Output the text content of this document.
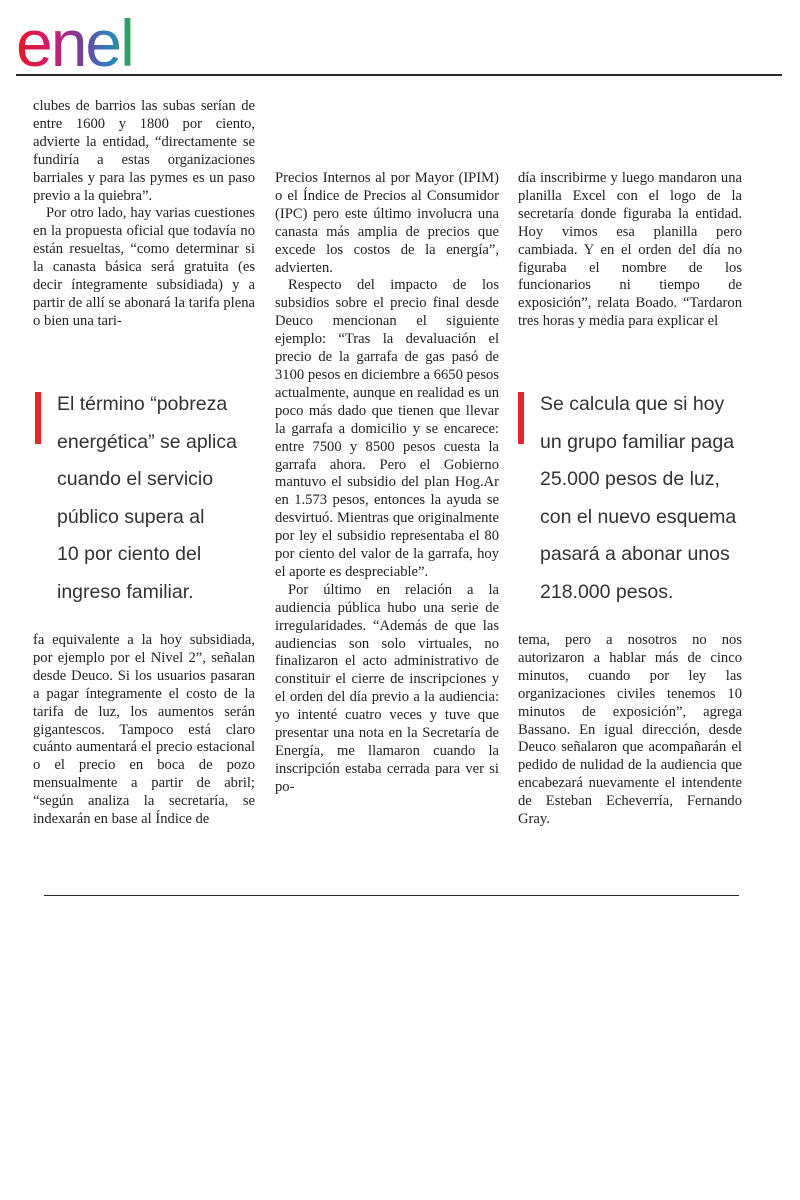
enel

clubes de barrios las subas serían de entre 1600 y 1800 por ciento, advierte la entidad, “directamente se fundiría a estas organizaciones barriales y para las pymes es un paso previo a la quiebra”.

Por otro lado, hay varias cuestiones en la propuesta oficial que todavía no están resueltas, “como determinar si la canasta básica será gratuita (es decir íntegramente subsidiada) y a partir de allí se abonará la tarifa plena o bien una tari-

El término “pobreza
energética” se aplica
cuando el servicio
público supera al
10 por ciento del
ingreso familiar.

fa equivalente a la hoy subsidiada, por ejemplo por el Nivel 2”, señalan desde Deuco. Si los usuarios pasaran a pagar íntegramente el costo de la tarifa de luz, los aumentos serán gigantescos. Tampoco está claro cuánto aumentará el precio estacional o el precio en boca de pozo mensualmente a partir de abril; “según analiza la secretaría, se indexarán en base al Índice de

Precios Internos al por Mayor (IPIM) o el Índice de Precios al Consumidor (IPC) pero este último involucra una canasta más amplia de precios que excede los costos de la energía”, advierten.

Respecto del impacto de los subsidios sobre el precio final desde Deuco mencionan el siguiente ejemplo: “Tras la devaluación el precio de la garrafa de gas pasó de 3100 pesos en diciembre a 6650 pesos actualmente, aunque en realidad es un poco más dado que tienen que llevar la garrafa a domicilio y se encarece: entre 7500 y 8500 pesos cuesta la garrafa ahora. Pero el Gobierno mantuvo el subsidio del plan Hog.Ar en 1.573 pesos, entonces la ayuda se desvirtuó. Mientras que originalmente por ley el subsidio representaba el 80 por ciento del valor de la garrafa, hoy el aporte es despreciable”.

Por último en relación a la audiencia pública hubo una serie de irregularidades. “Además de que las audiencias son solo virtuales, no finalizaron el acto administrativo de constituir el cierre de inscripciones y el orden del día previo a la audiencia: yo intenté cuatro veces y tuve que presentar una nota en la Secretaría de Energía, me llamaron cuando la inscripción estaba cerrada para ver si po-

día inscribirme y luego mandaron una planilla Excel con el logo de la secretaría donde figuraba la entidad. Hoy vimos esa planilla pero cambiada. Y en el orden del día no figuraba el nombre de los funcionarios ni tiempo de exposición”, relata Boado. “Tardaron tres horas y media para explicar el

Se calcula que si hoy
un grupo familiar paga
25.000 pesos de luz,
con el nuevo esquema
pasará a abonar unos
218.000 pesos.

tema, pero a nosotros no nos autorizaron a hablar más de cinco minutos, cuando por ley las organizaciones civiles tenemos 10 minutos de exposición”, agrega Bassano. En igual dirección, desde Deuco señalaron que acompañarán el pedido de nulidad de la audiencia que encabezará nuevamente el intendente de Esteban Echeverría, Fernando Gray.
